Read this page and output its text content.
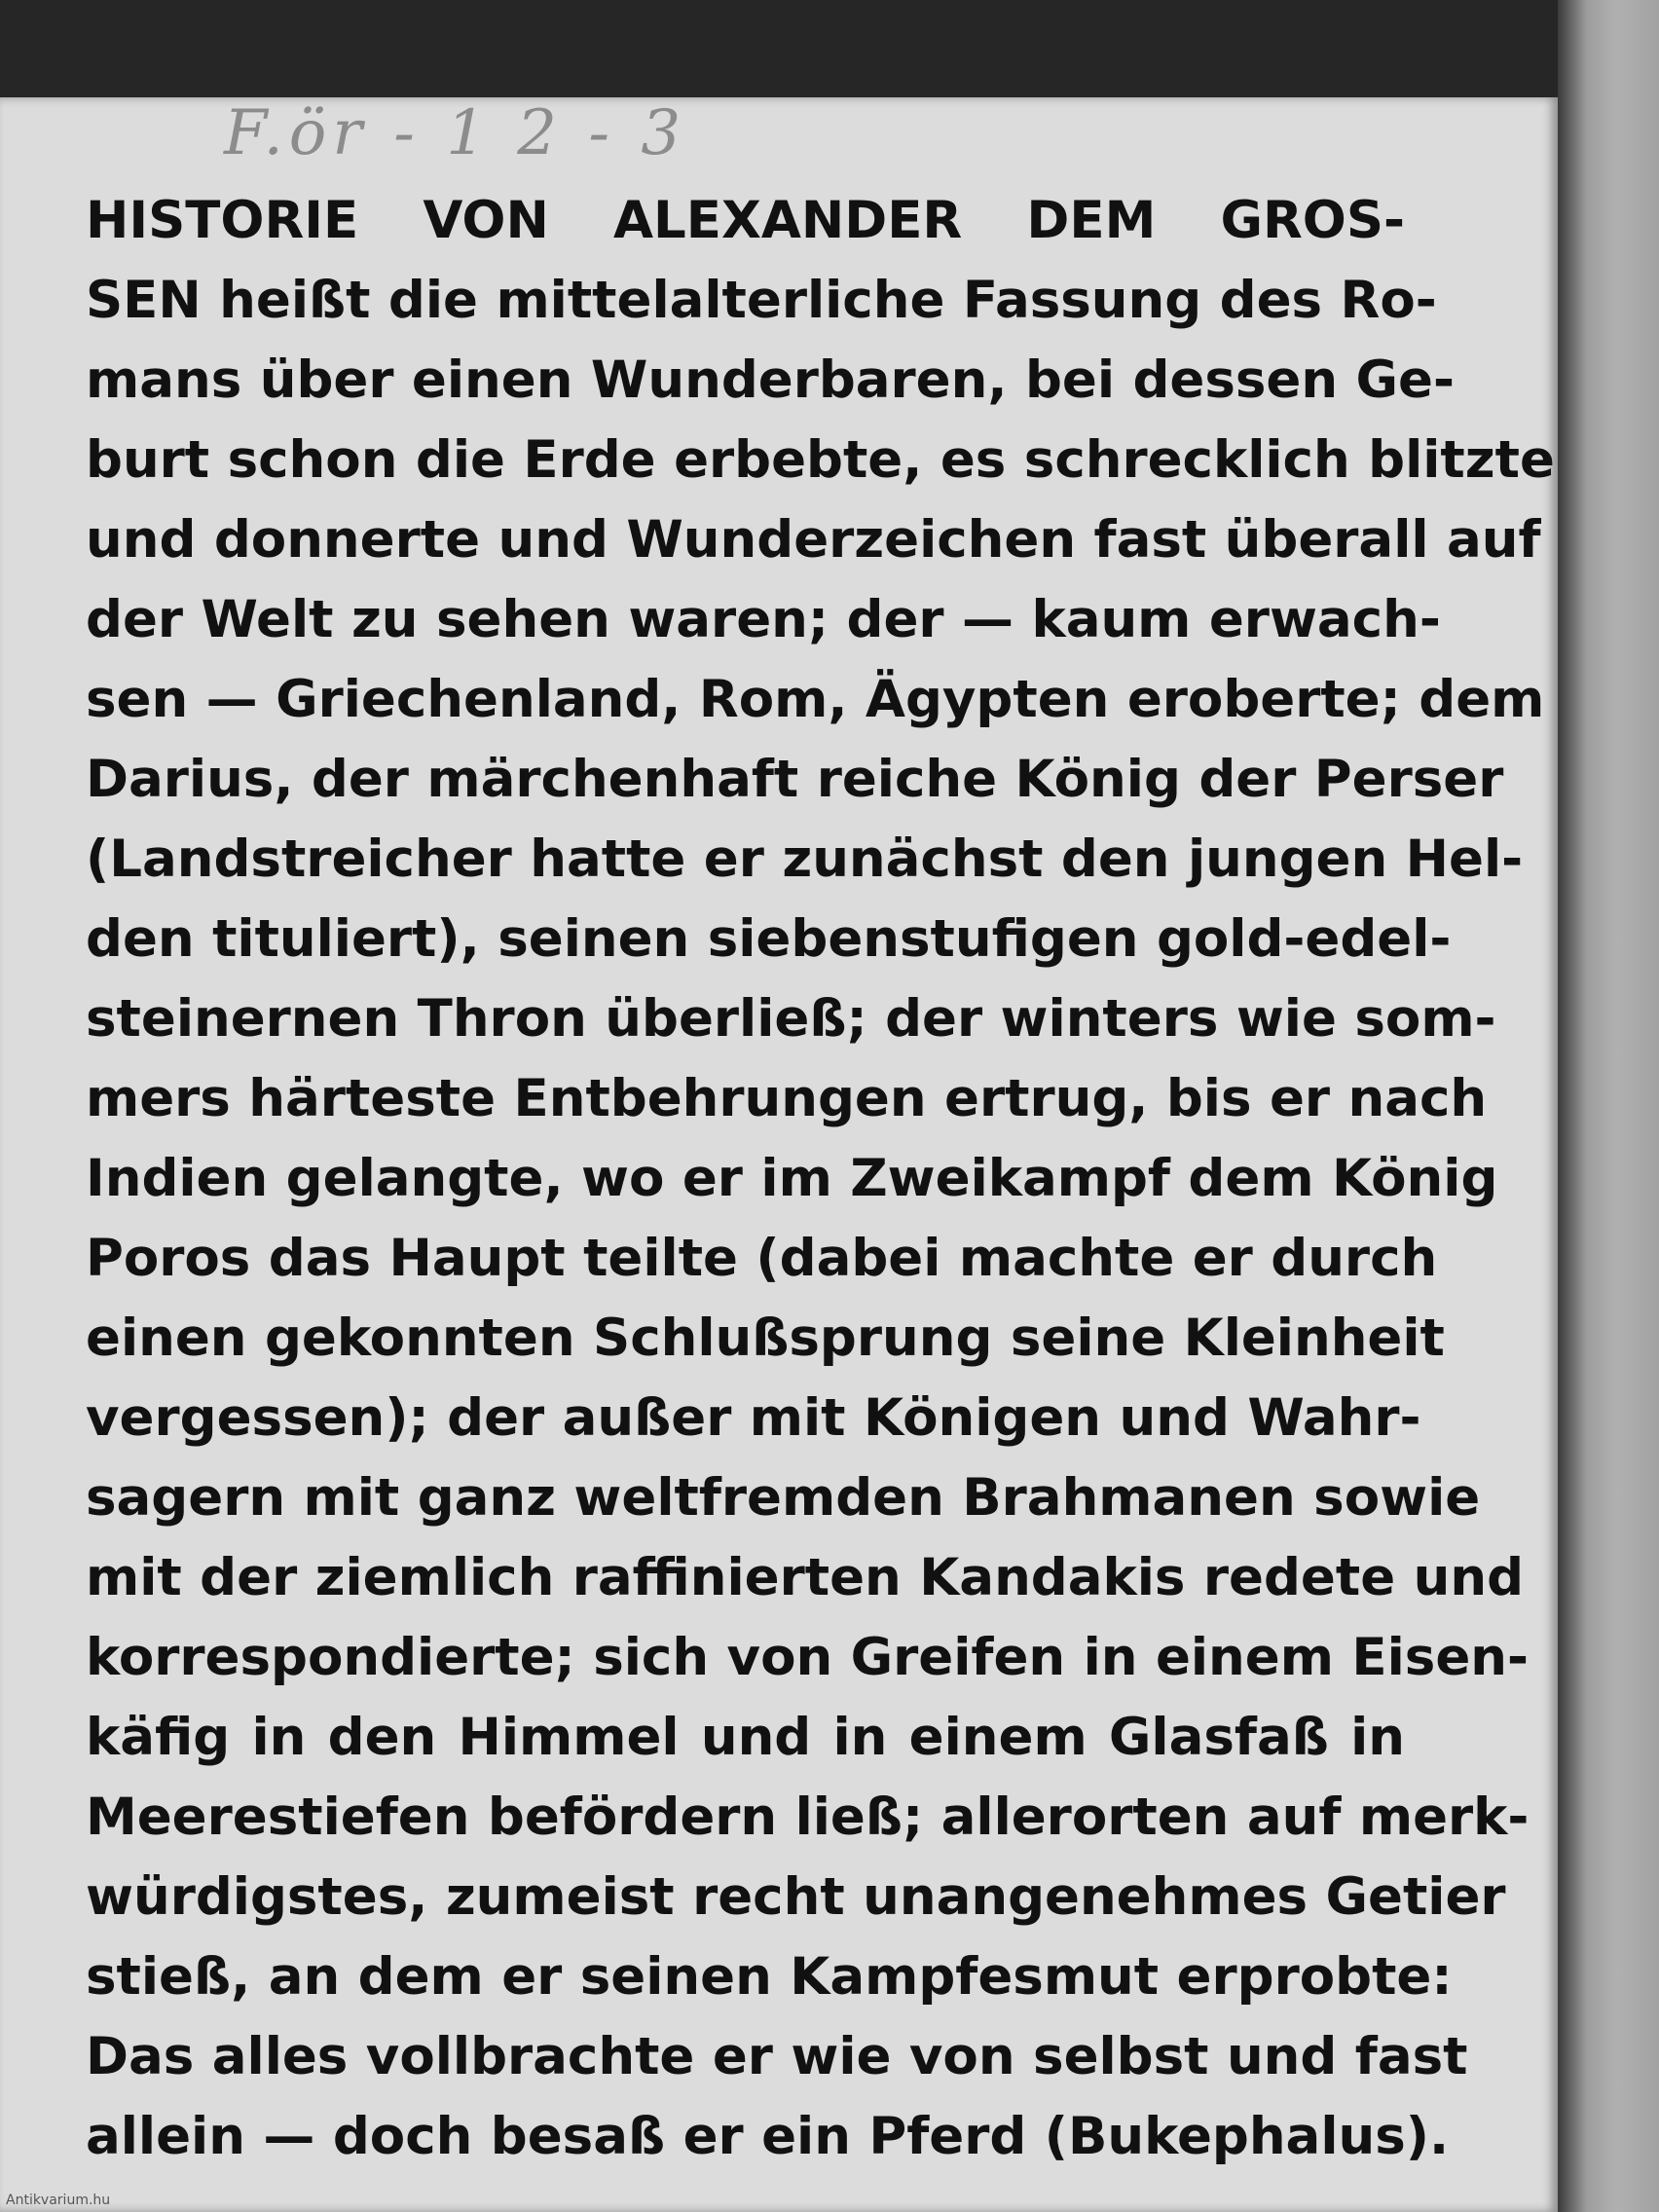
F.ör - 1 2 - 3
HISTORIE VON ALEXANDER DEM GROS-
SEN heißt die mittelalterliche Fassung des Ro-
mans über einen Wunderbaren, bei dessen Ge-
burt schon die Erde erbebte, es schrecklich blitzte
und donnerte und Wunderzeichen fast überall auf
der Welt zu sehen waren; der — kaum erwach-
sen — Griechenland, Rom, Ägypten eroberte; dem
Darius, der märchenhaft reiche König der Perser
(Landstreicher hatte er zunächst den jungen Hel-
den tituliert), seinen siebenstufigen gold-edel-
steinernen Thron überließ; der winters wie som-
mers härteste Entbehrungen ertrug, bis er nach
Indien gelangte, wo er im Zweikampf dem König
Poros das Haupt teilte (dabei machte er durch
einen gekonnten Schlußsprung seine Kleinheit
vergessen); der außer mit Königen und Wahr-
sagern mit ganz weltfremden Brahmanen sowie
mit der ziemlich raffinierten Kandakis redete und
korrespondierte; sich von Greifen in einem Eisen-
käfig in den Himmel und in einem Glasfaß in
Meerestiefen befördern ließ; allerorten auf merk-
würdigstes, zumeist recht unangenehmes Getier
stieß, an dem er seinen Kampfesmut erprobte:
Das alles vollbrachte er wie von selbst und fast
allein — doch besaß er ein Pferd (Bukephalus).
Antikvarium.hu
